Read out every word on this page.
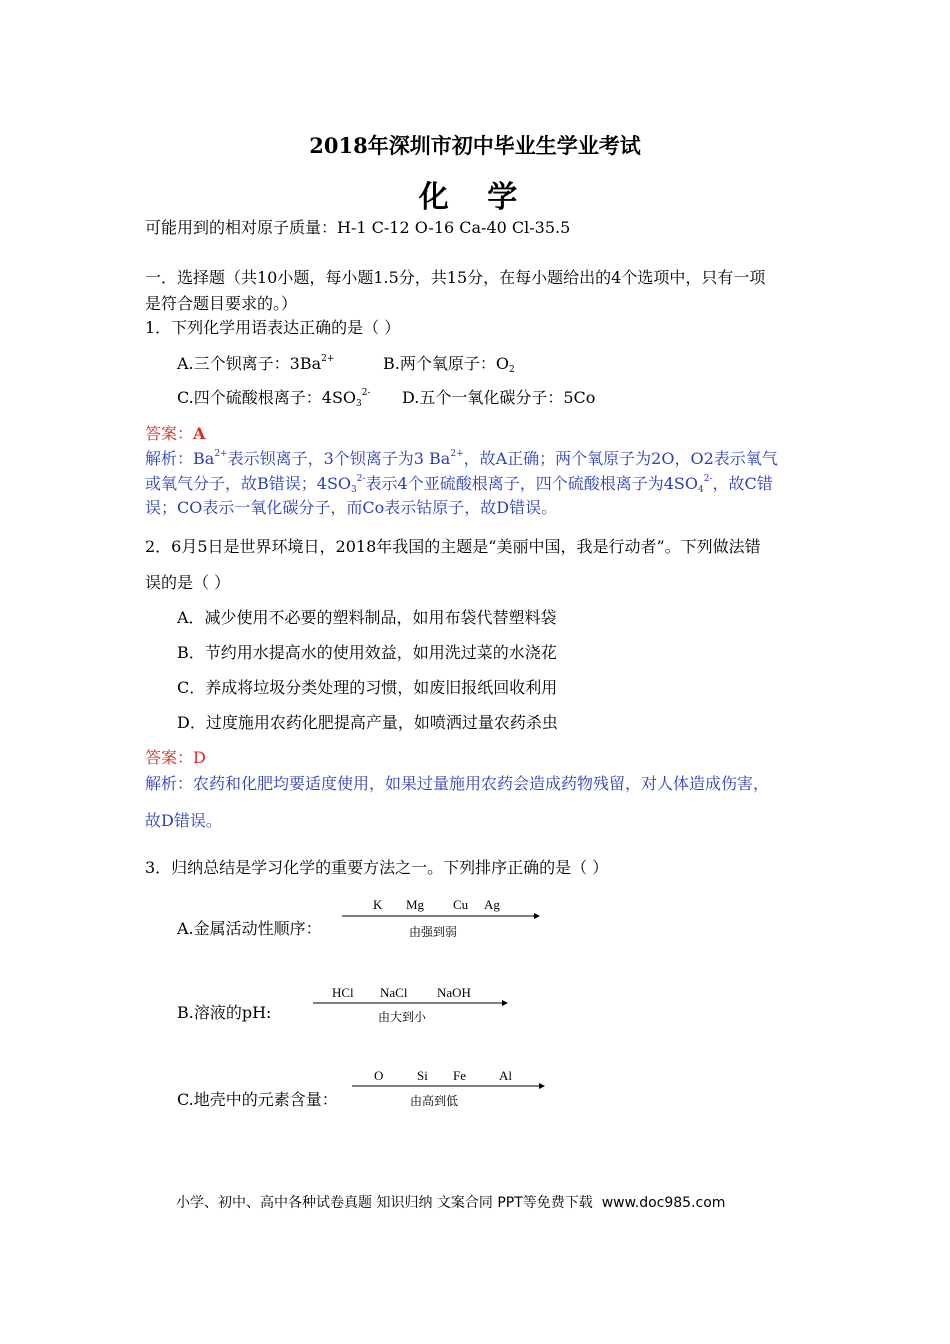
2018年深圳市初中毕业生学业考试
化 学
可能用到的相对原子质量：H-1 C-12 O-16 Ca-40 Cl-35.5
一．选择题（共10小题，每小题1.5分，共15分，在每小题给出的4个选项中，只有一项
是符合题目要求的。）
1．下列化学用语表达正确的是（ ）
A.三个钡离子：$3Ba^{2+}$	B.两个氧原子：$O_2$
C.四个硫酸根离子：$4SO_3^{2-}$ D.五个一氧化碳分子：5Co
答案：A
解析：$Ba^{2+}$表示钡离子，3个钡离子为3 $Ba^{2+}$，故A正确；两个氧原子为2O，O2表示氧气
或氧气分子，故B错误；$4SO_3^{2-}$表示4个亚硫酸根离子，四个硫酸根离子为$4SO_4^{2-}$，故C错
误；CO表示一氧化碳分子，而Co表示钴原子，故D错误。
2．6月5日是世界环境日，2018年我国的主题是“美丽中国，我是行动者”。下列做法错
误的是（ ）
A．减少使用不必要的塑料制品，如用布袋代替塑料袋
B．节约用水提高水的使用效益，如用洗过菜的水浇花
C．养成将垃圾分类处理的习惯，如废旧报纸回收利用
D．过度施用农药化肥提高产量，如喷洒过量农药杀虫
答案：D
解析：农药和化肥均要适度使用，如果过量施用农药会造成药物残留，对人体造成伤害，
故D错误。
3．归纳总结是学习化学的重要方法之一。下列排序正确的是（ ）
A.金属活动性顺序：
K Mg Cu Ag
由强到弱
B.溶液的pH:
HCl NaCl NaOH
由大到小
C.地壳中的元素含量：
O	Si Fe	Al
由高到低
小学、初中、高中各种试卷真题 知识归纳 文案合同 PPT等免费下载 www.doc985.com
